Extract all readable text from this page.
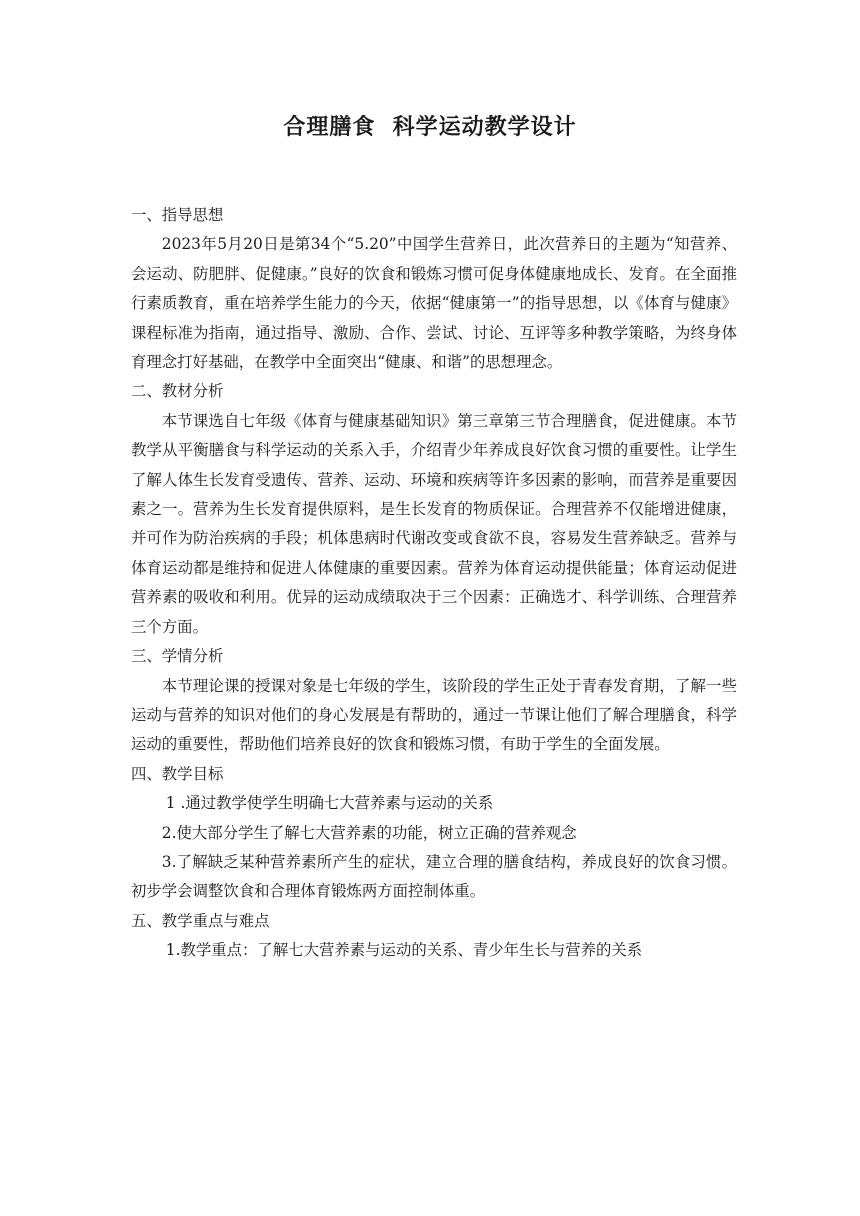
合理膳食  科学运动教学设计

一、指导思想

2023年5月20日是第34个“5.20”中国学生营养日，此次营养日的主题为“知营养、会运动、防肥胖、促健康。”良好的饮食和锻炼习惯可促身体健康地成长、发育。在全面推行素质教育，重在培养学生能力的今天，依据“健康第一”的指导思想，以《体育与健康》课程标准为指南，通过指导、激励、合作、尝试、讨论、互评等多种教学策略，为终身体育理念打好基础，在教学中全面突出“健康、和谐”的思想理念。

二、教材分析

本节课选自七年级《体育与健康基础知识》第三章第三节合理膳食，促进健康。本节教学从平衡膳食与科学运动的关系入手，介绍青少年养成良好饮食习惯的重要性。让学生了解人体生长发育受遗传、营养、运动、环境和疾病等许多因素的影响，而营养是重要因素之一。营养为生长发育提供原料，是生长发育的物质保证。合理营养不仅能增进健康，并可作为防治疾病的手段；机体患病时代谢改变或食欲不良，容易发生营养缺乏。营养与体育运动都是维持和促进人体健康的重要因素。营养为体育运动提供能量；体育运动促进营养素的吸收和利用。优异的运动成绩取决于三个因素：正确选才、科学训练、合理营养三个方面。

三、学情分析

本节理论课的授课对象是七年级的学生，该阶段的学生正处于青春发育期，了解一些运动与营养的知识对他们的身心发展是有帮助的，通过一节课让他们了解合理膳食，科学运动的重要性，帮助他们培养良好的饮食和锻炼习惯，有助于学生的全面发展。

四、教学目标

1 .通过教学使学生明确七大营养素与运动的关系

2.使大部分学生了解七大营养素的功能，树立正确的营养观念

3.了解缺乏某种营养素所产生的症状，建立合理的膳食结构，养成良好的饮食习惯。初步学会调整饮食和合理体育锻炼两方面控制体重。

五、教学重点与难点

1.教学重点：了解七大营养素与运动的关系、青少年生长与营养的关系
